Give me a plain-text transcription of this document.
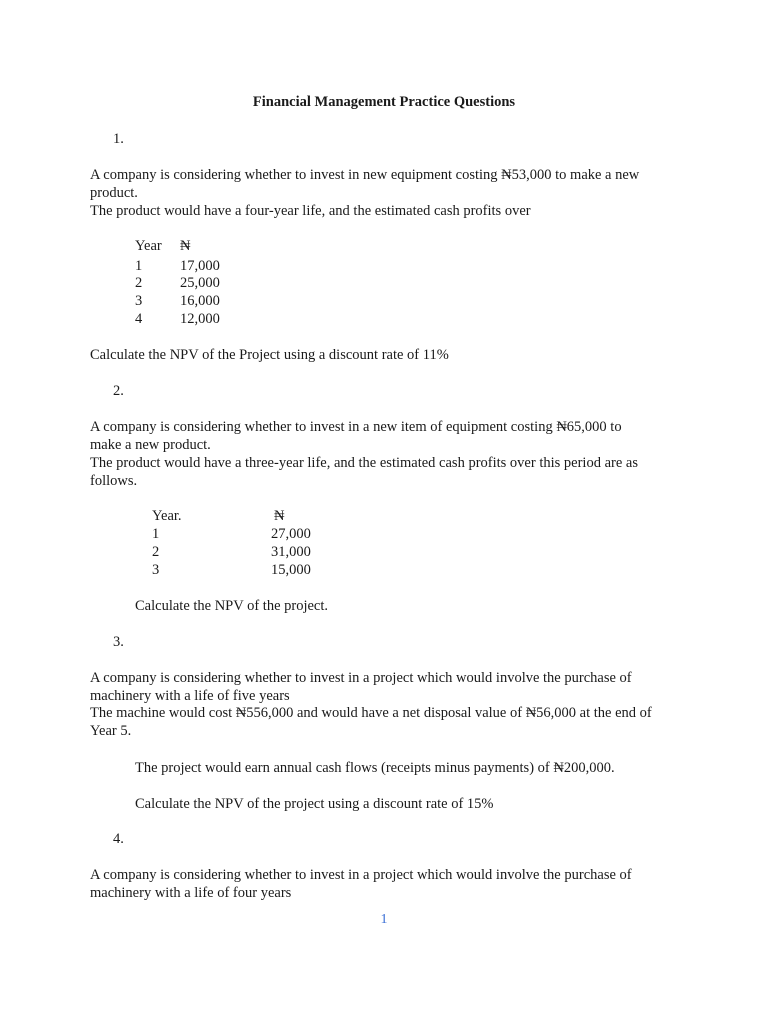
Financial Management Practice Questions
1.
A company is considering whether to invest in new equipment costing ₦53,000 to make a new
product.
The product would have a four-year life, and the estimated cash profits over
Year ₦
1	17,000
2	25,000
3	16,000
4	12,000
Calculate the NPV of the Project using a discount rate of 11%
2.
A company is considering whether to invest in a new item of equipment costing ₦65,000 to
make a new product.
The product would have a three-year life, and the estimated cash profits over this period are as
follows.
Year.	₦
1	27,000
2	31,000
3	15,000
Calculate the NPV of the project.
3.
A company is considering whether to invest in a project which would involve the purchase of
machinery with a life of five years
The machine would cost ₦556,000 and would have a net disposal value of ₦56,000 at the end of
Year 5.
The project would earn annual cash flows (receipts minus payments) of ₦200,000.
Calculate the NPV of the project using a discount rate of 15%
4.
A company is considering whether to invest in a project which would involve the purchase of
machinery with a life of four years
1
